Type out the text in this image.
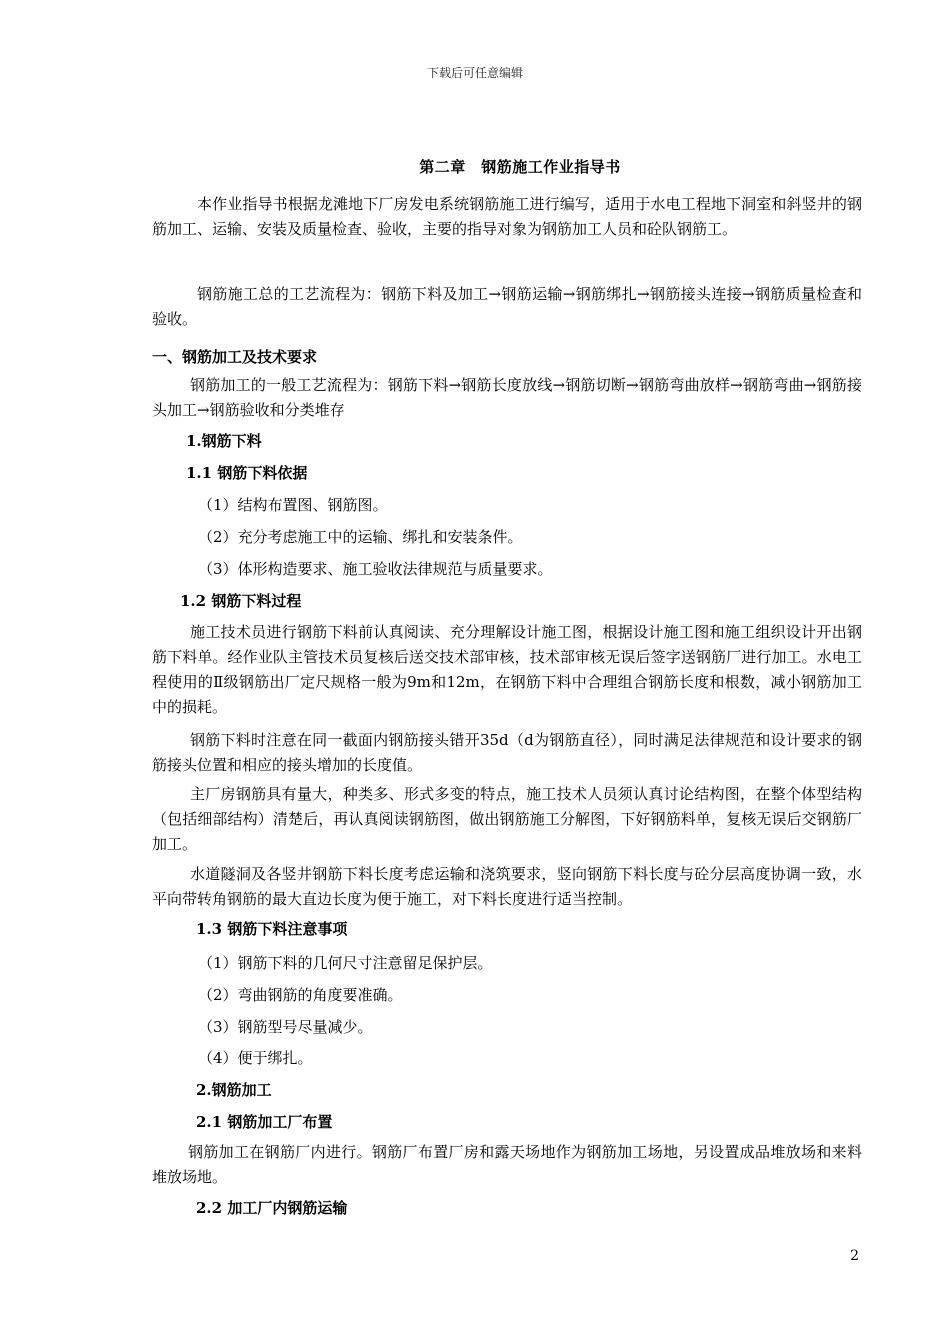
下载后可任意编辑
第二章　钢筋施工作业指导书
本作业指导书根据龙滩地下厂房发电系统钢筋施工进行编写，适用于水电工程地下洞室和斜竖井的钢筋加工、运输、安装及质量检查、验收，主要的指导对象为钢筋加工人员和砼队钢筋工。
钢筋施工总的工艺流程为：钢筋下料及加工→钢筋运输→钢筋绑扎→钢筋接头连接→钢筋质量检查和验收。
一、钢筋加工及技术要求
钢筋加工的一般工艺流程为：钢筋下料→钢筋长度放线→钢筋切断→钢筋弯曲放样→钢筋弯曲→钢筋接头加工→钢筋验收和分类堆存
1.钢筋下料
1.1 钢筋下料依据
（1）结构布置图、钢筋图。
（2）充分考虑施工中的运输、绑扎和安装条件。
（3）体形构造要求、施工验收法律规范与质量要求。
1.2 钢筋下料过程
施工技术员进行钢筋下料前认真阅读、充分理解设计施工图，根据设计施工图和施工组织设计开出钢筋下料单。经作业队主管技术员复核后送交技术部审核，技术部审核无误后签字送钢筋厂进行加工。水电工程使用的Ⅱ级钢筋出厂定尺规格一般为9m和12m，在钢筋下料中合理组合钢筋长度和根数，减小钢筋加工中的损耗。
钢筋下料时注意在同一截面内钢筋接头错开35d（d为钢筋直径），同时满足法律规范和设计要求的钢筋接头位置和相应的接头增加的长度值。
主厂房钢筋具有量大，种类多、形式多变的特点，施工技术人员须认真讨论结构图，在整个体型结构（包括细部结构）清楚后，再认真阅读钢筋图，做出钢筋施工分解图，下好钢筋料单，复核无误后交钢筋厂加工。
水道隧洞及各竖井钢筋下料长度考虑运输和浇筑要求，竖向钢筋下料长度与砼分层高度协调一致，水平向带转角钢筋的最大直边长度为便于施工，对下料长度进行适当控制。
1.3 钢筋下料注意事项
（1）钢筋下料的几何尺寸注意留足保护层。
（2）弯曲钢筋的角度要准确。
（3）钢筋型号尽量减少。
（4）便于绑扎。
2.钢筋加工
2.1 钢筋加工厂布置
钢筋加工在钢筋厂内进行。钢筋厂布置厂房和露天场地作为钢筋加工场地，另设置成品堆放场和来料堆放场地。
2.2 加工厂内钢筋运输
2
